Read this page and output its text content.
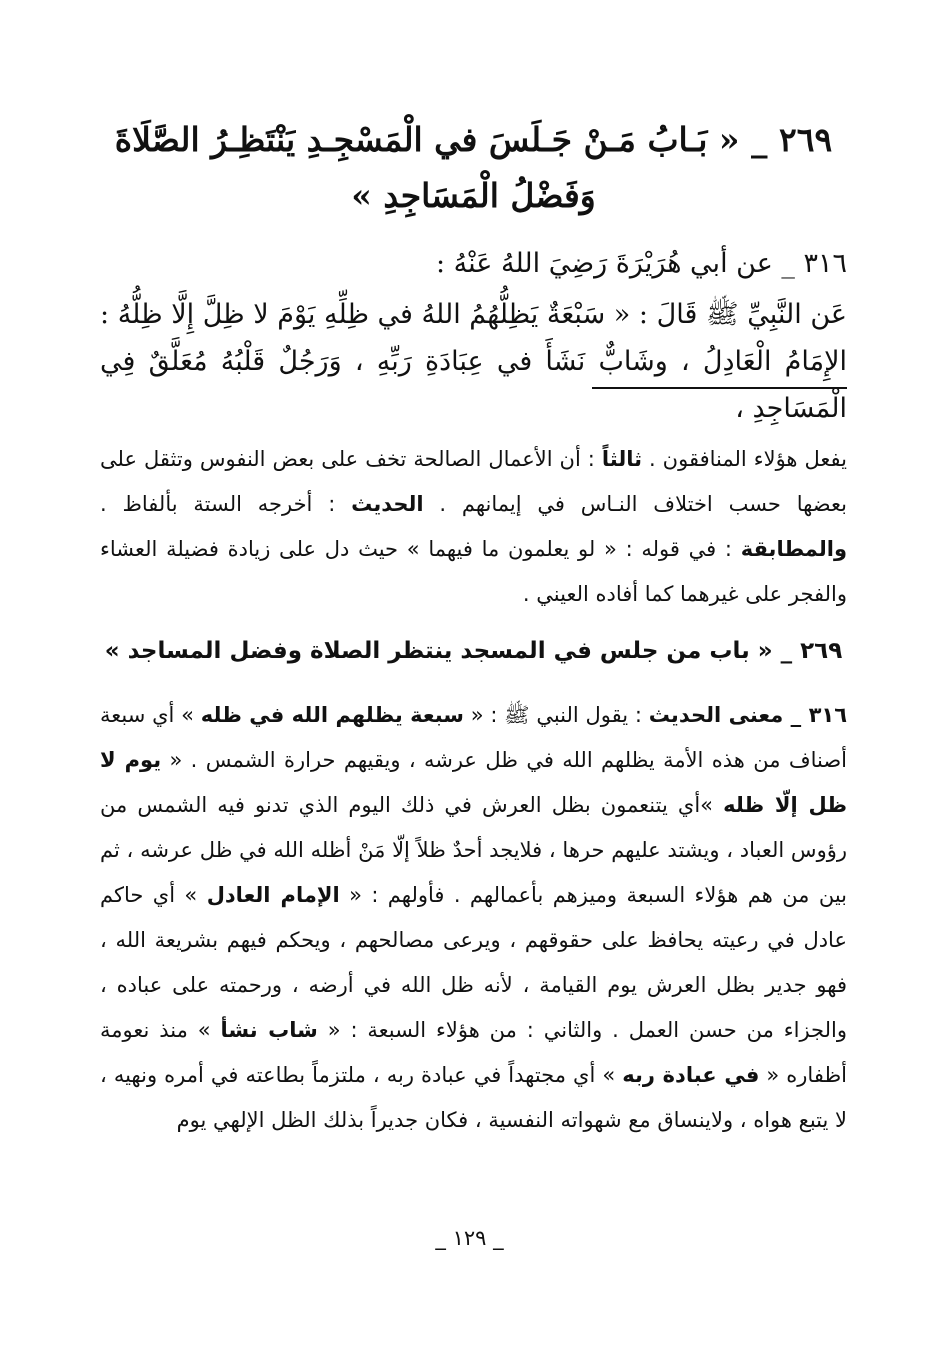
٢٦٩ _ « بَـابُ مَـنْ جَـلَسَ في الْمَسْجِـدِ يَنْتَظِـرُ الصَّلَاةَ وَفَضْلُ الْمَسَاجِدِ »

٣١٦ _ عن أبي هُرَيْرَةَ رَضِيَ اللهُ عَنْهُ :

عَن النَّبِيِّ ﷺ قَالَ : « سَبْعَةٌ يَظِلُّهُمُ اللهُ في ظِلِّهِ يَوْمَ لا ظِلَّ إِلَّا ظِلُّهُ : الإِمَامُ الْعَادِلُ ، وشَابٌّ نَشَأَ في عِبَادَةِ رَبِّهِ ، وَرَجُلٌ قَلْبُهُ مُعَلَّقٌ فِي الْمَسَاجِدِ ،

يفعل هؤلاء المنافقون . ثالثاً : أن الأعمال الصالحة تخف على بعض النفوس وتثقل على بعضها حسب اختلاف النـاس في إيمانهم . الحديث : أخرجه الستة بألفاظ . والمطابقة : في قوله : « لو يعلمون ما فيهما » حيث دل على زيادة فضيلة العشاء والفجر على غيرهما كما أفاده العيني .

٢٦٩ _ « باب من جلس في المسجد ينتظر الصلاة وفضل المساجد »

٣١٦ _ معنى الحديث : يقول النبي ﷺ : « سبعة يظلهم الله في ظله » أي سبعة أصناف من هذه الأمة يظلهم الله في ظل عرشه ، ويقيهم حرارة الشمس . « يوم لا ظل إلّا ظله »أي يتنعمون بظل العرش في ذلك اليوم الذي تدنو فيه الشمس من رؤوس العباد ، ويشتد عليهم حرها ، فلايجد أحدٌ ظلاً إلّا مَنْ أظله الله في ظل عرشه ، ثم بين من هم هؤلاء السبعة وميزهم بأعمالهم . فأولهم : « الإمام العادل » أي حاكم عادل في رعيته يحافظ على حقوقهم ، ويرعى مصالحهم ، ويحكم فيهم بشريعة الله ، فهو جدير بظل العرش يوم القيامة ، لأنه ظل الله في أرضه ، ورحمته على عباده ، والجزاء من حسن العمل . والثاني : من هؤلاء السبعة : « شاب نشأ » منذ نعومة أظفاره « في عبادة ربه » أي مجتهداً في عبادة ربه ، ملتزماً بطاعته في أمره ونهيه ، لا يتبع هواه ، ولاينساق مع شهواته النفسية ، فكان جديراً بذلك الظل الإلهي يوم

_ ١٢٩ _
